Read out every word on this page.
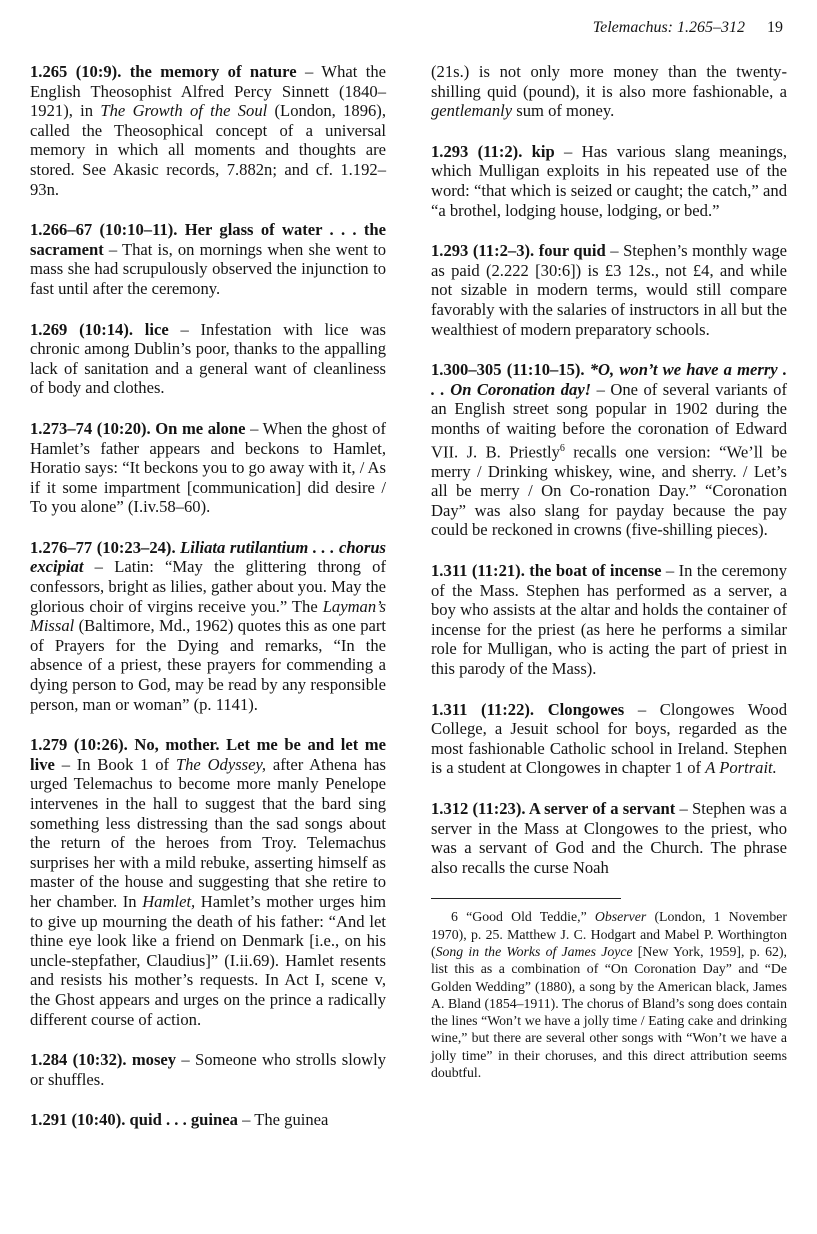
Telemachus: 1.265–312 19

1.265 (10:9). the memory of nature – What the English Theosophist Alfred Percy Sinnett (1840–1921), in The Growth of the Soul (London, 1896), called the Theosophical concept of a universal memory in which all moments and thoughts are stored. See Akasic records, 7.882n; and cf. 1.192–93n.

1.266–67 (10:10–11). Her glass of water . . . the sacrament – That is, on mornings when she went to mass she had scrupulously observed the injunction to fast until after the ceremony.

1.269 (10:14). lice – Infestation with lice was chronic among Dublin’s poor, thanks to the appalling lack of sanitation and a general want of cleanliness of body and clothes.

1.273–74 (10:20). On me alone – When the ghost of Hamlet’s father appears and beckons to Hamlet, Horatio says: “It beckons you to go away with it, / As if it some impartment [communication] did desire / To you alone” (I.iv.58–60).

1.276–77 (10:23–24). Liliata rutilantium . . . chorus excipiat – Latin: “May the glittering throng of confessors, bright as lilies, gather about you. May the glorious choir of virgins receive you.” The Layman’s Missal (Baltimore, Md., 1962) quotes this as one part of Prayers for the Dying and remarks, “In the absence of a priest, these prayers for commending a dying person to God, may be read by any responsible person, man or woman” (p. 1141).

1.279 (10:26). No, mother. Let me be and let me live – In Book 1 of The Odyssey, after Athena has urged Telemachus to become more manly Penelope intervenes in the hall to suggest that the bard sing something less distressing than the sad songs about the return of the heroes from Troy. Telemachus surprises her with a mild rebuke, asserting himself as master of the house and suggesting that she retire to her chamber. In Hamlet, Hamlet’s mother urges him to give up mourning the death of his father: “And let thine eye look like a friend on Denmark [i.e., on his uncle-stepfather, Claudius]” (I.ii.69). Hamlet resents and resists his mother’s requests. In Act I, scene v, the Ghost appears and urges on the prince a radically different course of action.

1.284 (10:32). mosey – Someone who strolls slowly or shuffles.

1.291 (10:40). quid . . . guinea – The guinea

(21s.) is not only more money than the twenty-shilling quid (pound), it is also more fashionable, a gentlemanly sum of money.

1.293 (11:2). kip – Has various slang meanings, which Mulligan exploits in his repeated use of the word: “that which is seized or caught; the catch,” and “a brothel, lodging house, lodging, or bed.”

1.293 (11:2–3). four quid – Stephen’s monthly wage as paid (2.222 [30:6]) is £3 12s., not £4, and while not sizable in modern terms, would still compare favorably with the salaries of instructors in all but the wealthiest of modern preparatory schools.

1.300–305 (11:10–15). *O, won’t we have a merry . . . On Coronation day! – One of several variants of an English street song popular in 1902 during the months of waiting before the coronation of Edward VII. J. B. Priestly$^6$ recalls one version: “We’ll be merry / Drinking whiskey, wine, and sherry. / Let’s all be merry / On Co-ronation Day.” “Coronation Day” was also slang for payday because the pay could be reckoned in crowns (five-shilling pieces).

1.311 (11:21). the boat of incense – In the ceremony of the Mass. Stephen has performed as a server, a boy who assists at the altar and holds the container of incense for the priest (as here he performs a similar role for Mulligan, who is acting the part of priest in this parody of the Mass).

1.311 (11:22). Clongowes – Clongowes Wood College, a Jesuit school for boys, regarded as the most fashionable Catholic school in Ireland. Stephen is a student at Clongowes in chapter 1 of A Portrait.

1.312 (11:23). A server of a servant – Stephen was a server in the Mass at Clongowes to the priest, who was a servant of God and the Church. The phrase also recalls the curse Noah

6 “Good Old Teddie,” Observer (London, 1 November 1970), p. 25. Matthew J. C. Hodgart and Mabel P. Worthington (Song in the Works of James Joyce [New York, 1959], p. 62), list this as a combination of “On Coronation Day” and “De Golden Wedding” (1880), a song by the American black, James A. Bland (1854–1911). The chorus of Bland’s song does contain the lines “Won’t we have a jolly time / Eating cake and drinking wine,” but there are several other songs with “Won’t we have a jolly time” in their choruses, and this direct attribution seems doubtful.
